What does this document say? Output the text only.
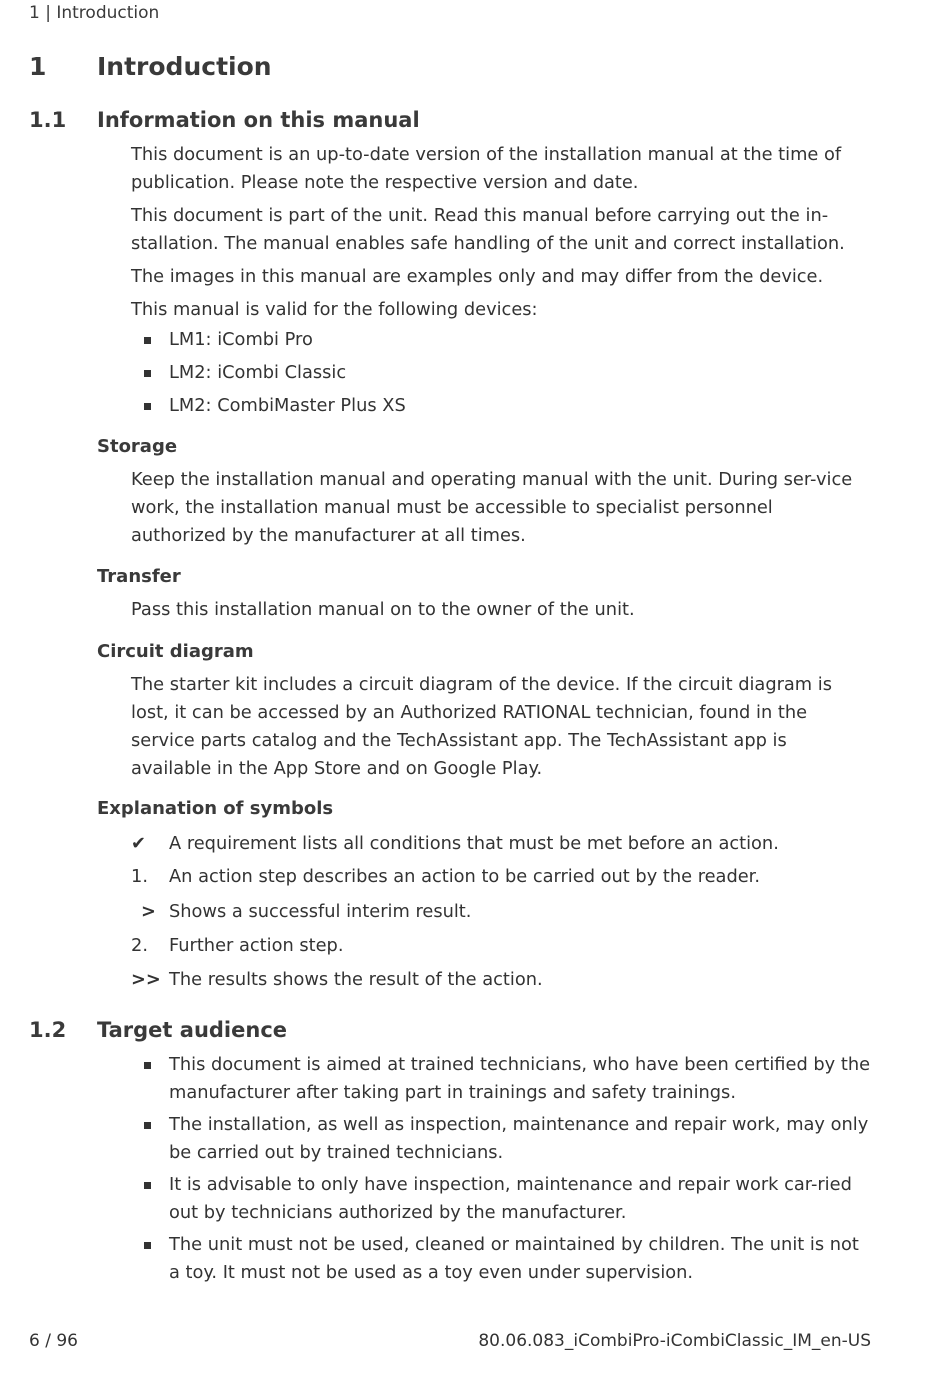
1 | Introduction
1 Introduction
1.1 Information on this manual

This document is an up-to-date version of the installation manual at the time of publication. Please note the respective version and date.

This document is part of the unit. Read this manual before carrying out the in-stallation. The manual enables safe handling of the unit and correct installation.

The images in this manual are examples only and may differ from the device.

This manual is valid for the following devices:

LM1: iCombi Pro
LM2: iCombi Classic
LM2: CombiMaster Plus XS
Storage
Keep the installation manual and operating manual with the unit. During ser-vice work, the installation manual must be accessible to specialist personnel authorized by the manufacturer at all times.
Transfer
Pass this installation manual on to the owner of the unit.
Circuit diagram
The starter kit includes a circuit diagram of the device. If the circuit diagram is lost, it can be accessed by an Authorized RATIONAL technician, found in the service parts catalog and the TechAssistant app. The TechAssistant app is available in the App Store and on Google Play.
Explanation of symbols
✔ A requirement lists all conditions that must be met before an action.
1. An action step describes an action to be carried out by the reader.
> Shows a successful interim result.
2. Further action step.
>> The results shows the result of the action.
1.2 Target audience
This document is aimed at trained technicians, who have been certified by the manufacturer after taking part in trainings and safety trainings.
The installation, as well as inspection, maintenance and repair work, may only be carried out by trained technicians.
It is advisable to only have inspection, maintenance and repair work car-ried out by technicians authorized by the manufacturer.
The unit must not be used, cleaned or maintained by children. The unit is not a toy. It must not be used as a toy even under supervision.
6 / 96	80.06.083_iCombiPro-iCombiClassic_IM_en-US
